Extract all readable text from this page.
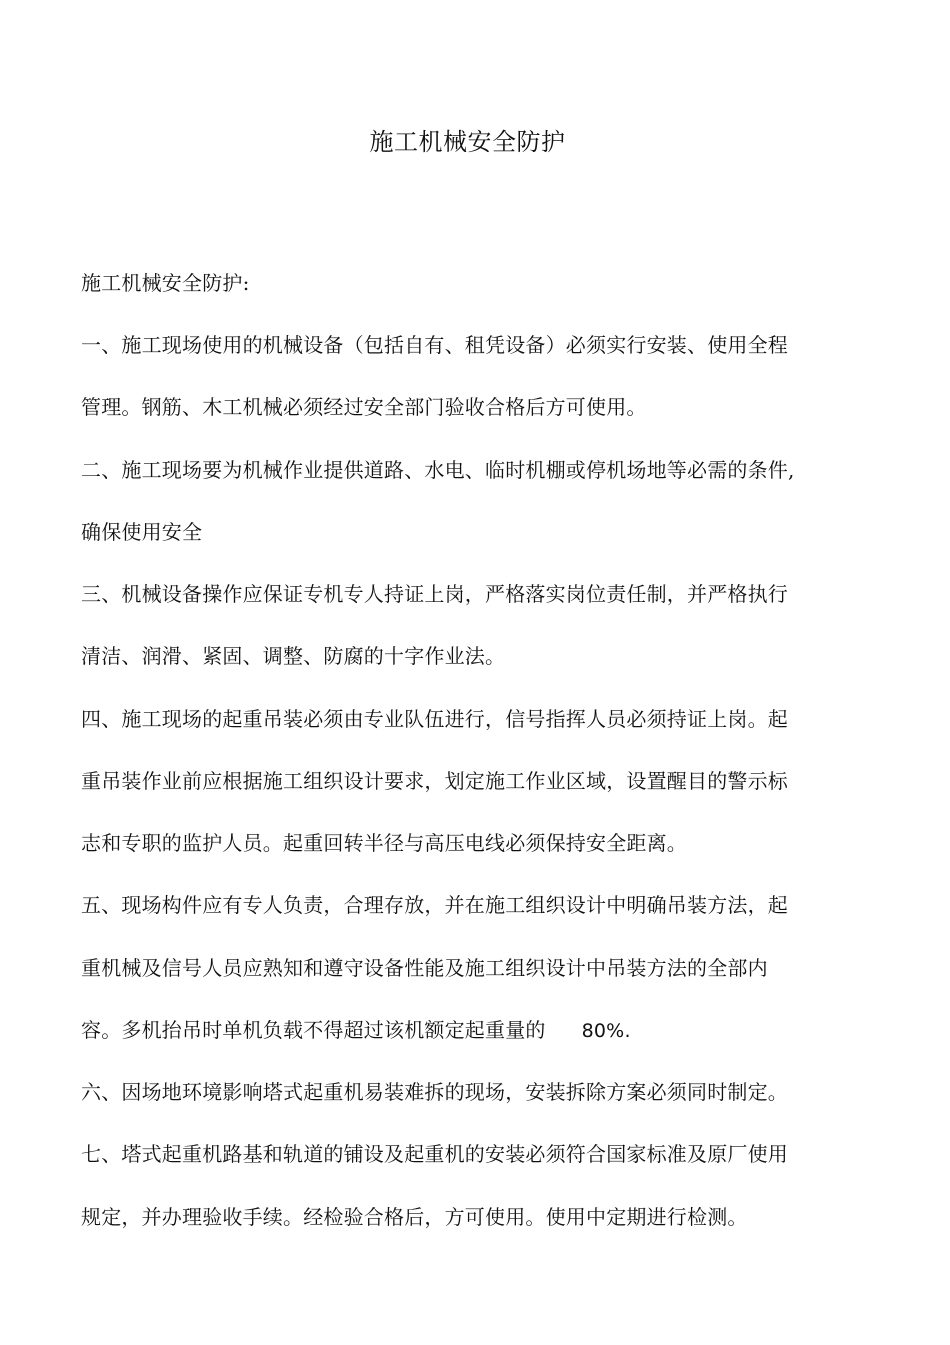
施工机械安全防护
施工机械安全防护:
一、施工现场使用的机械设备（包括自有、租凭设备）必须实行安装、使用全程
管理。钢筋、木工机械必须经过安全部门验收合格后方可使用。
二、施工现场要为机械作业提供道路、水电、临时机棚或停机场地等必需的条件,
确保使用安全
三、机械设备操作应保证专机专人持证上岗，严格落实岗位责任制，并严格执行
清洁、润滑、紧固、调整、防腐的十字作业法。
四、施工现场的起重吊装必须由专业队伍进行，信号指挥人员必须持证上岗。起
重吊装作业前应根据施工组织设计要求，划定施工作业区域，设置醒目的警示标
志和专职的监护人员。起重回转半径与高压电线必须保持安全距离。
五、现场构件应有专人负责，合理存放，并在施工组织设计中明确吊装方法，起
重机械及信号人员应熟知和遵守设备性能及施工组织设计中吊装方法的全部内
容。多机抬吊时单机负载不得超过该机额定起重量的 80%.
六、因场地环境影响塔式起重机易装难拆的现场，安装拆除方案必须同时制定。
七、塔式起重机路基和轨道的铺设及起重机的安装必须符合国家标准及原厂使用
规定，并办理验收手续。经检验合格后，方可使用。使用中定期进行检测。
